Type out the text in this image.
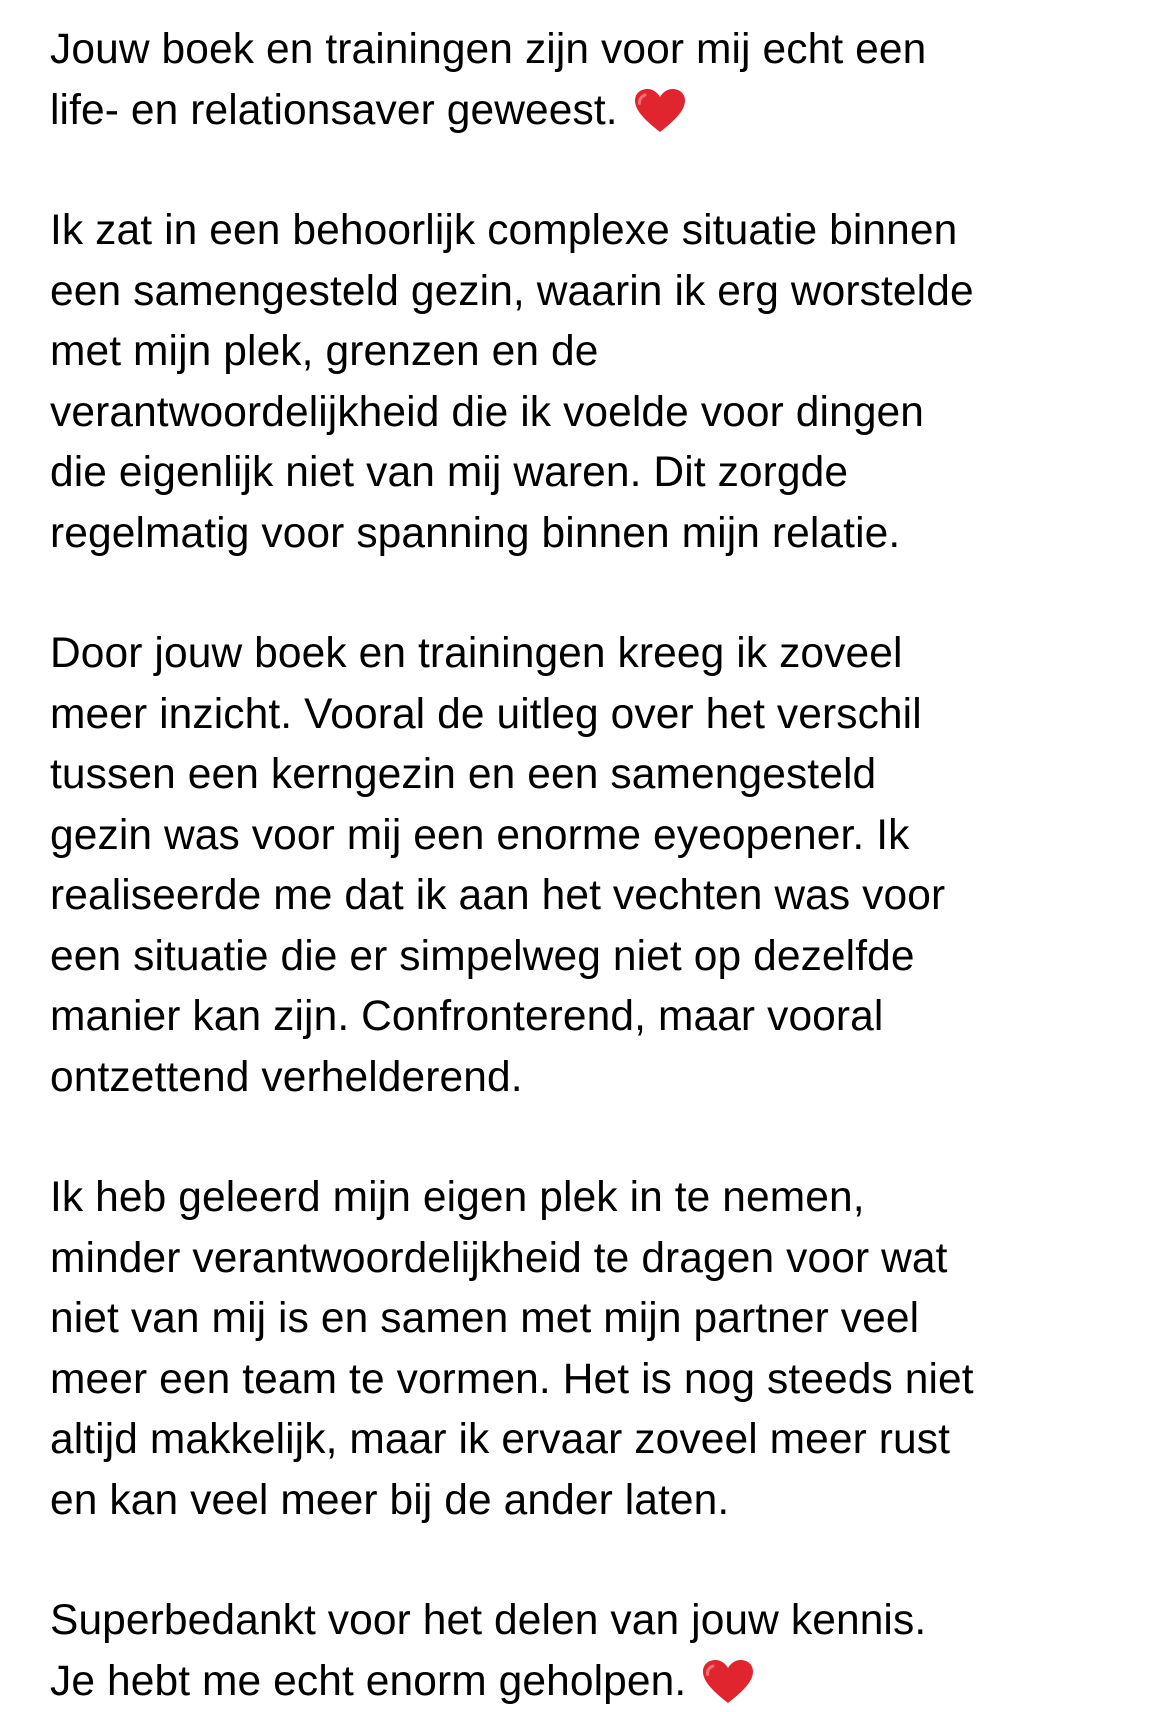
Jouw boek en trainingen zijn voor mij echt een
life- en relationsaver geweest.
Ik zat in een behoorlijk complexe situatie binnen
een samengesteld gezin, waarin ik erg worstelde
met mijn plek, grenzen en de
verantwoordelijkheid die ik voelde voor dingen
die eigenlijk niet van mij waren. Dit zorgde
regelmatig voor spanning binnen mijn relatie.
Door jouw boek en trainingen kreeg ik zoveel
meer inzicht. Vooral de uitleg over het verschil
tussen een kerngezin en een samengesteld
gezin was voor mij een enorme eyeopener. Ik
realiseerde me dat ik aan het vechten was voor
een situatie die er simpelweg niet op dezelfde
manier kan zijn. Confronterend, maar vooral
ontzettend verhelderend.
Ik heb geleerd mijn eigen plek in te nemen,
minder verantwoordelijkheid te dragen voor wat
niet van mij is en samen met mijn partner veel
meer een team te vormen. Het is nog steeds niet
altijd makkelijk, maar ik ervaar zoveel meer rust
en kan veel meer bij de ander laten.
Superbedankt voor het delen van jouw kennis.
Je hebt me echt enorm geholpen.
